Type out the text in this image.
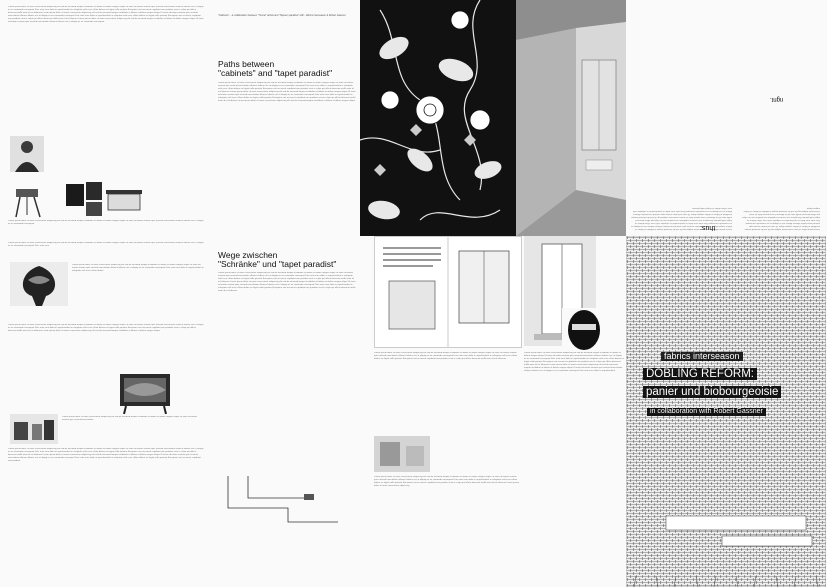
Lorem ipsum dolor sit amet consectetur adipiscing elit sed do eiusmod tempor incididunt ut labore et dolore magna aliqua Ut enim ad minim veniam quis nostrud exercitation ullamco laboris nisi ut aliquip ex ea commodo consequat Duis aute irure dolor in reprehenderit in voluptate velit esse cillum dolore eu fugiat nulla pariatur Excepteur sint occaecat cupidatat non proident sunt in culpa qui officia deserunt mollit anim id est laborum Lorem ipsum dolor sit amet consectetur adipiscing elit sed do eiusmod tempor incididunt ut labore et dolore magna aliqua Ut enim ad minim veniam quis nostrud exercitation ullamco laboris nisi ut aliquip ex ea commodo consequat Duis aute irure dolor in reprehenderit in voluptate velit esse cillum dolore eu fugiat nulla pariatur Excepteur sint occaecat cupidatat non proident sunt in culpa qui officia deserunt mollit anim id est laborum Lorem ipsum dolor sit amet consectetur adipiscing elit sed do eiusmod tempor incididunt ut labore et dolore magna aliqua Ut enim ad minim veniam quis nostrud exercitation ullamco laboris nisi ut aliquip ex ea commodo consequat
Lorem ipsum dolor sit amet consectetur adipiscing elit sed do eiusmod tempor incididunt ut labore et dolore magna aliqua Ut enim ad minim veniam quis nostrud exercitation ullamco laboris nisi ut aliquip ex ea commodo consequat
Lorem ipsum dolor sit amet consectetur adipiscing elit sed do eiusmod tempor incididunt ut labore et dolore magna aliqua Ut enim ad minim veniam quis nostrud exercitation ullamco laboris nisi ut aliquip ex ea commodo consequat Duis aute irure
Lorem ipsum dolor sit amet consectetur adipiscing elit sed do eiusmod tempor incididunt ut labore et dolore magna aliqua Ut enim ad minim veniam quis nostrud exercitation ullamco laboris nisi ut aliquip ex ea commodo consequat Duis aute irure dolor in reprehenderit in voluptate velit esse cillum dolore
Lorem ipsum dolor sit amet consectetur adipiscing elit sed do eiusmod tempor incididunt ut labore et dolore magna aliqua Ut enim ad minim veniam quis nostrud exercitation ullamco laboris nisi ut aliquip ex ea commodo consequat Duis aute irure dolor in reprehenderit in voluptate velit esse cillum dolore eu fugiat nulla pariatur Excepteur sint occaecat cupidatat non proident sunt in culpa qui officia deserunt mollit anim id est laborum Lorem ipsum dolor sit amet consectetur adipiscing elit sed do eiusmod tempor incididunt ut labore et dolore magna aliqua
Lorem ipsum dolor sit amet consectetur adipiscing elit sed do eiusmod tempor incididunt ut labore et dolore magna aliqua Ut enim ad minim veniam quis nostrud exercitation
Lorem ipsum dolor sit amet consectetur adipiscing elit sed do eiusmod tempor incididunt ut labore et dolore magna aliqua Ut enim ad minim veniam quis nostrud exercitation ullamco laboris nisi ut aliquip ex ea commodo consequat Duis aute irure dolor in reprehenderit in voluptate velit esse cillum dolore eu fugiat nulla pariatur Excepteur sint occaecat cupidatat non proident sunt in culpa qui officia deserunt mollit anim id est laborum Lorem ipsum dolor sit amet consectetur adipiscing elit sed do eiusmod tempor incididunt ut labore et dolore magna aliqua Ut enim ad minim veniam quis nostrud exercitation ullamco laboris nisi ut aliquip ex ea commodo consequat Duis aute irure dolor in reprehenderit in voluptate velit esse cillum dolore eu fugiat nulla pariatur Excepteur sint occaecat cupidatat non proident
"Cabinets" – a collaboration between "Tunnel" artists and "Tapeten paradiso" with...fabrics interseason & Robert Gassner
Paths between
"cabinets" and "tapet paradist"
Lorem ipsum dolor sit amet consectetur adipiscing elit sed do eiusmod tempor incididunt ut labore et dolore magna aliqua Ut enim ad minim veniam quis nostrud exercitation ullamco laboris nisi ut aliquip ex ea commodo consequat Duis aute irure dolor in reprehenderit in voluptate velit esse cillum dolore eu fugiat nulla pariatur Excepteur sint occaecat cupidatat non proident sunt in culpa qui officia deserunt mollit anim id est laborum Lorem ipsum dolor sit amet consectetur adipiscing elit sed do eiusmod tempor incididunt ut labore et dolore magna aliqua Ut enim ad minim veniam quis nostrud exercitation ullamco laboris nisi ut aliquip ex ea commodo consequat Duis aute irure dolor in reprehenderit in voluptate velit esse cillum dolore eu fugiat nulla pariatur Excepteur sint occaecat cupidatat non proident sunt in culpa qui officia deserunt mollit anim id est laborum Lorem ipsum dolor sit amet consectetur adipiscing elit sed do eiusmod tempor incididunt ut labore et dolore magna aliqua
Wege zwischen
"Schränke" und "tapet paradist"
Lorem ipsum dolor sit amet consectetur adipiscing elit sed do eiusmod tempor incididunt ut labore et dolore magna aliqua Ut enim ad minim veniam quis nostrud exercitation ullamco laboris nisi ut aliquip ex ea commodo consequat Duis aute irure dolor in reprehenderit in voluptate velit esse cillum dolore eu fugiat nulla pariatur Excepteur sint occaecat cupidatat non proident sunt in culpa qui officia deserunt mollit anim id est laborum Lorem ipsum dolor sit amet consectetur adipiscing elit sed do eiusmod tempor incididunt ut labore et dolore magna aliqua Ut enim ad minim veniam quis nostrud exercitation ullamco laboris nisi ut aliquip ex ea commodo consequat Duis aute irure dolor in reprehenderit in voluptate velit esse cillum dolore eu fugiat nulla pariatur Excepteur sint occaecat cupidatat non proident sunt in culpa qui officia deserunt mollit anim id est laborum
Lorem ipsum dolor sit amet consectetur adipiscing elit sed do eiusmod tempor incididunt ut labore et dolore magna aliqua Ut enim ad minim veniam quis nostrud exercitation ullamco laboris nisi ut aliquip ex ea commodo consequat Duis aute irure dolor in reprehenderit in voluptate velit esse cillum dolore eu fugiat nulla pariatur Excepteur sint occaecat cupidatat non proident sunt in culpa qui officia deserunt mollit anim id est laborum
Lorem ipsum dolor sit amet consectetur adipiscing elit sed do eiusmod tempor incididunt ut labore et dolore magna aliqua Ut enim ad minim veniam quis nostrud exercitation ullamco laboris nisi ut aliquip ex ea commodo consequat Duis aute irure dolor in reprehenderit in voluptate velit esse cillum dolore eu fugiat nulla pariatur Excepteur sint occaecat cupidatat non proident sunt in culpa qui officia deserunt mollit anim id est laborum Lorem ipsum dolor sit amet consectetur adipiscing
Lorem ipsum dolor sit amet consectetur adipiscing elit sed do eiusmod tempor incididunt ut labore et dolore magna aliqua Ut enim ad minim veniam quis nostrud exercitation ullamco laboris nisi ut aliquip ex ea commodo consequat Duis aute irure dolor in reprehenderit in voluptate velit esse cillum dolore eu fugiat nulla pariatur Excepteur sint occaecat cupidatat non proident sunt in culpa qui officia deserunt mollit anim id est laborum Lorem ipsum dolor sit amet consectetur adipiscing elit sed do eiusmod tempor incididunt ut labore et dolore magna aliqua Ut enim ad minim veniam quis nostrud exercitation ullamco laboris nisi ut aliquip ex ea commodo consequat Duis aute irure dolor in reprehenderit
Lorem ipsum dolor sit amet consectetur adipiscing elit sed do eiusmod tempor incididunt ut labore et dolore magna aliqua Ut enim ad minim veniam quis nostrud exercitation ullamco laboris nisi ut aliquip ex ea commodo consequat Duis aute irure dolor in reprehenderit in voluptate velit esse cillum dolore eu fugiat nulla pariatur Excepteur sint occaecat cupidatat non proident sunt in culpa qui officia deserunt mollit anim id est laborum Lorem ipsum dolor sit amet consectetur adipiscing elit sed do eiusmod tempor incididunt ut labore et dolore magna aliqua Ut enim ad minim veniam quis nostrud exercitation ullamco laboris nisi ut aliquip ex ea commodo consequat Duis aute irure dolor in reprehenderit in voluptate velit esse cillum dolore eu fugiat nulla pariatur
thus:	Lorem ipsum dolor sit amet consectetur adipiscing elit sed do eiusmod tempor incididunt ut labore et dolore magna aliqua Ut enim ad minim veniam quis nostrud exercitation ullamco laboris nisi ut aliquip ex ea commodo consequat Duis aute irure dolor in reprehenderit in voluptate velit esse cillum dolore eu fugiat nulla pariatur Excepteur sint occaecat cupidatat non proident sunt in culpa qui officia deserunt mollit anim id est laborum Lorem ipsum dolor sit amet consectetur adipiscing elit sed do eiusmod tempor incididunt ut labore et dolore magna aliqua
right.
fabrics interseason
DÖBLING REFORM:
panier und biobourgeoisie
in collaboration with Robert Gassner
